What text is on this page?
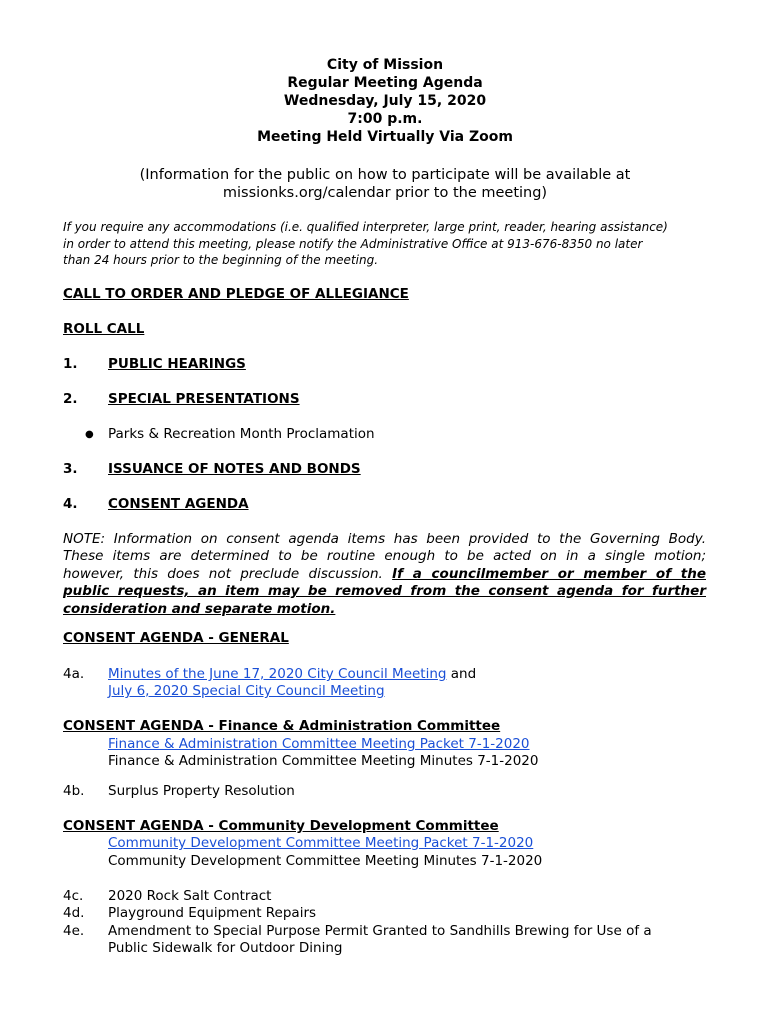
City of Mission
Regular Meeting Agenda
Wednesday, July 15, 2020
7:00 p.m.
Meeting Held Virtually Via Zoom
(Information for the public on how to participate will be available at
missionks.org/calendar prior to the meeting)
If you require any accommodations (i.e. qualified interpreter, large print, reader, hearing assistance)
in order to attend this meeting, please notify the Administrative Office at 913-676-8350 no later
than 24 hours prior to the beginning of the meeting.
CALL TO ORDER AND PLEDGE OF ALLEGIANCE
ROLL CALL
1. PUBLIC HEARINGS
2. SPECIAL PRESENTATIONS
● Parks & Recreation Month Proclamation
3. ISSUANCE OF NOTES AND BONDS
4. CONSENT AGENDA
NOTE: Information on consent agenda items has been provided to the Governing Body.
These items are determined to be routine enough to be acted on in a single motion;
however, this does not preclude discussion. If a councilmember or member of the
public requests, an item may be removed from the consent agenda for further
consideration and separate motion.
CONSENT AGENDA - GENERAL
4a. Minutes of the June 17, 2020 City Council Meeting and
July 6, 2020 Special City Council Meeting
CONSENT AGENDA - Finance & Administration Committee
Finance & Administration Committee Meeting Packet 7-1-2020
Finance & Administration Committee Meeting Minutes 7-1-2020
4b. Surplus Property Resolution
CONSENT AGENDA - Community Development Committee
Community Development Committee Meeting Packet 7-1-2020
Community Development Committee Meeting Minutes 7-1-2020
4c. 2020 Rock Salt Contract
4d. Playground Equipment Repairs
4e. Amendment to Special Purpose Permit Granted to Sandhills Brewing for Use of a
Public Sidewalk for Outdoor Dining
